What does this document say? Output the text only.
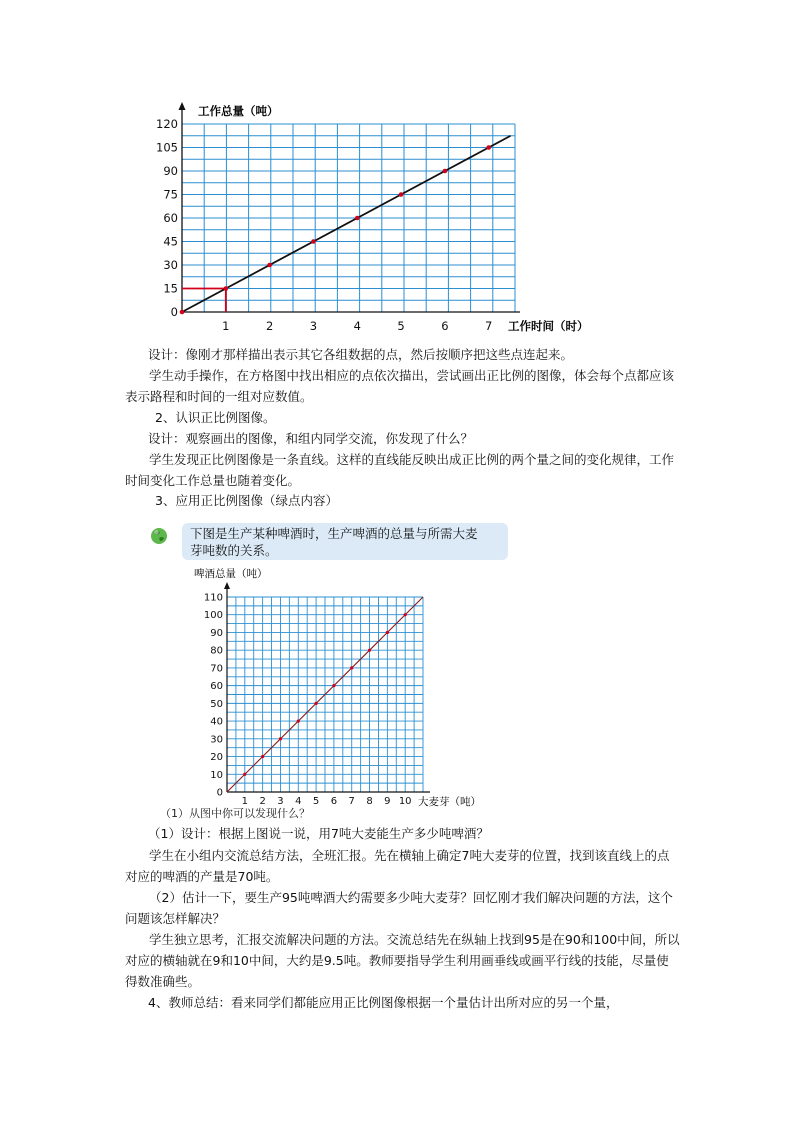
0
15
30
45
60
75
90
105
120
1	2	3	4	5	6	7
工作总量（吨）
工作时间（时）

设计：像刚才那样描出表示其它各组数据的点，然后按顺序把这些点连起来。

学生动手操作，在方格图中找出相应的点依次描出，尝试画出正比例的图像，体会每个点都应该表示路程和时间的一组对应数值。

2、认识正比例图像。

设计：观察画出的图像，和组内同学交流，你发现了什么？

学生发现正比例图像是一条直线。这样的直线能反映出成正比例的两个量之间的变化规律，工作时间变化工作总量也随着变化。

3、应用正比例图像（绿点内容）

下图是生产某种啤酒时，生产啤酒的总量与所需大麦
芽吨数的关系。
0
10
20
30
40
50
60
70
80
90
100
110
1 2 3 4 5 6 7 8 9 10
啤酒总量（吨）
大麦芽（吨）
（1）从图中你可以发现什么？

（1）设计：根据上图说一说，用7吨大麦能生产多少吨啤酒？

学生在小组内交流总结方法，全班汇报。先在横轴上确定7吨大麦芽的位置，找到该直线上的点对应的啤酒的产量是70吨。

（2）估计一下，要生产95吨啤酒大约需要多少吨大麦芽？回忆刚才我们解决问题的方法，这个问题该怎样解决？

学生独立思考，汇报交流解决问题的方法。交流总结先在纵轴上找到95是在90和100中间，所以对应的横轴就在9和10中间，大约是9.5吨。教师要指导学生利用画垂线或画平行线的技能，尽量使得数准确些。

4、教师总结：看来同学们都能应用正比例图像根据一个量估计出所对应的另一个量，
